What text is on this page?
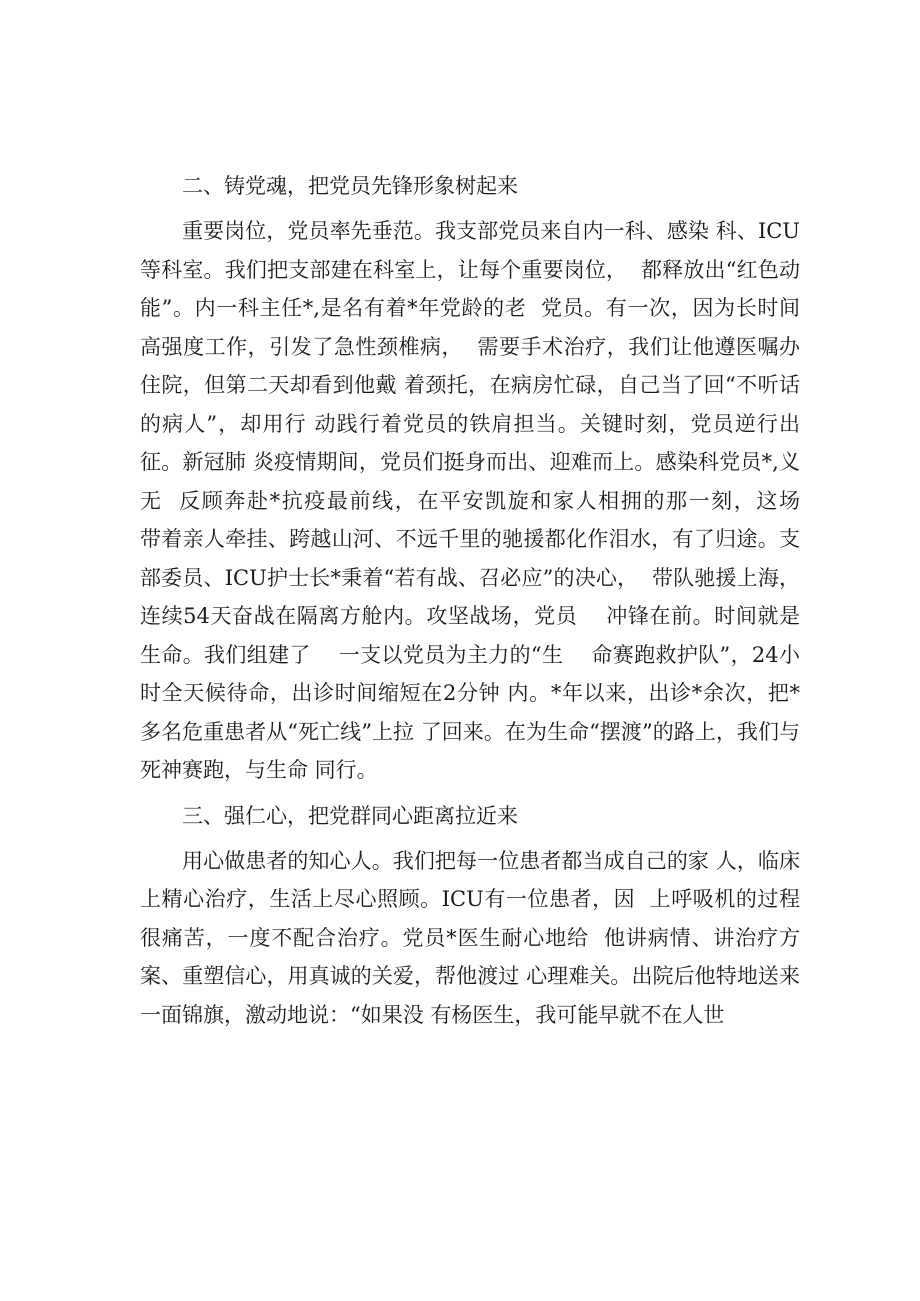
二、铸党魂，把党员先锋形象树起来

重要岗位，党员率先垂范。我支部党员来自内一科、感染 科、ICU等科室。我们把支部建在科室上，让每个重要岗位，  都释放出“红色动能”。内一科主任*,是名有着*年党龄的老  党员。有一次，因为长时间高强度工作，引发了急性颈椎病，  需要手术治疗，我们让他遵医嘱办住院，但第二天却看到他戴 着颈托，在病房忙碌，自己当了回“不听话的病人”，却用行 动践行着党员的铁肩担当。关键时刻，党员逆行出征。新冠肺 炎疫情期间，党员们挺身而出、迎难而上。感染科党员*,义无  反顾奔赴*抗疫最前线，在平安凯旋和家人相拥的那一刻，这场     带着亲人牵挂、跨越山河、不远千里的驰援都化作泪水，有了归途。支部委员、ICU护士长*秉着“若有战、召必应”的决心，  带队驰援上海，连续54天奋战在隔离方舱内。攻坚战场，党员    冲锋在前。时间就是生命。我们组建了    一支以党员为主力的“生    命赛跑救护队”，24小时全天候待命，出诊时间缩短在2分钟 内。*年以来，出诊*余次，把*多名危重患者从“死亡线”上拉 了回来。在为生命“摆渡”的路上，我们与死神赛跑，与生命 同行。

三、强仁心，把党群同心距离拉近来

用心做患者的知心人。我们把每一位患者都当成自己的家 人，临床上精心治疗，生活上尽心照顾。ICU有一位患者，因  上呼吸机的过程很痛苦，一度不配合治疗。党员*医生耐心地给  他讲病情、讲治疗方案、重塑信心，用真诚的关爱，帮他渡过 心理难关。出院后他特地送来一面锦旗，激动地说：“如果没 有杨医生，我可能早就不在人世
